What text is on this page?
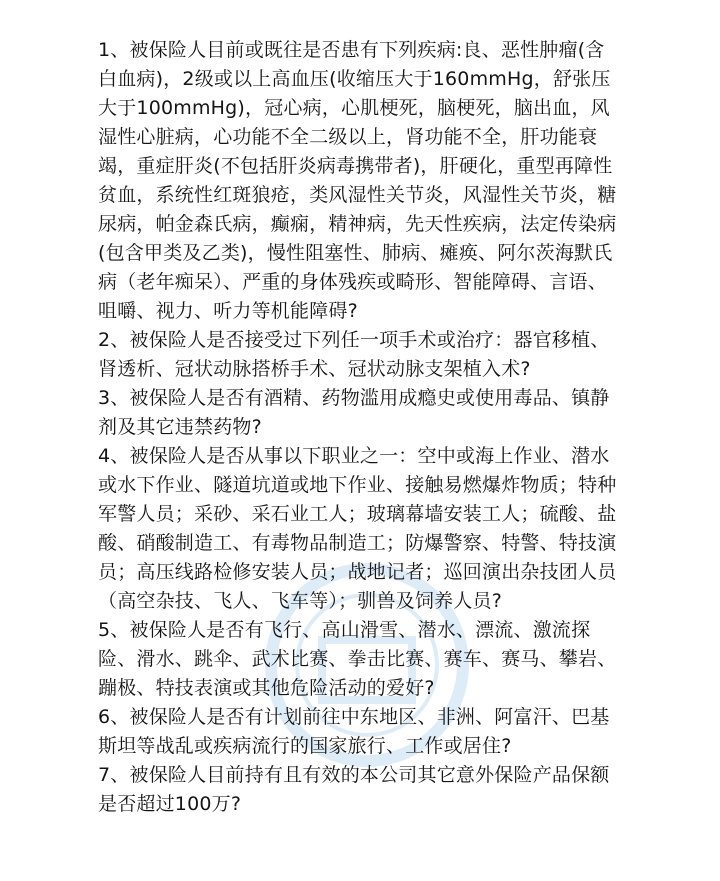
1、被保险人目前或既往是否患有下列疾病:良、恶性肿瘤(含白血病)，2级或以上高血压(收缩压大于160mmHg，舒张压大于100mmHg)，冠心病，心肌梗死，脑梗死，脑出血，风湿性心脏病，心功能不全二级以上，肾功能不全，肝功能衰竭，重症肝炎(不包括肝炎病毒携带者)，肝硬化，重型再障性贫血，系统性红斑狼疮，类风湿性关节炎，风湿性关节炎，糖尿病，帕金森氏病，癫痫，精神病，先天性疾病，法定传染病(包含甲类及乙类)，慢性阻塞性、肺病、瘫痪、阿尔茨海默氏病（老年痴呆）、严重的身体残疾或畸形、智能障碍、言语、咀嚼、视力、听力等机能障碍?

2、被保险人是否接受过下列任一项手术或治疗：器官移植、肾透析、冠状动脉搭桥手术、冠状动脉支架植入术?

3、被保险人是否有酒精、药物滥用成瘾史或使用毒品、镇静剂及其它违禁药物?

4、被保险人是否从事以下职业之一：空中或海上作业、潜水或水下作业、隧道坑道或地下作业、接触易燃爆炸物质；特种军警人员；采砂、采石业工人；玻璃幕墙安装工人；硫酸、盐酸、硝酸制造工、有毒物品制造工；防爆警察、特警、特技演员；高压线路检修安装人员；战地记者；巡回演出杂技团人员（高空杂技、飞人、飞车等）；驯兽及饲养人员?

5、被保险人是否有飞行、高山滑雪、潜水、漂流、激流探险、滑水、跳伞、武术比赛、拳击比赛、赛车、赛马、攀岩、蹦极、特技表演或其他危险活动的爱好?

6、被保险人是否有计划前往中东地区、非洲、阿富汗、巴基斯坦等战乱或疾病流行的国家旅行、工作或居住?

7、被保险人目前持有且有效的本公司其它意外保险产品保额是否超过100万?
